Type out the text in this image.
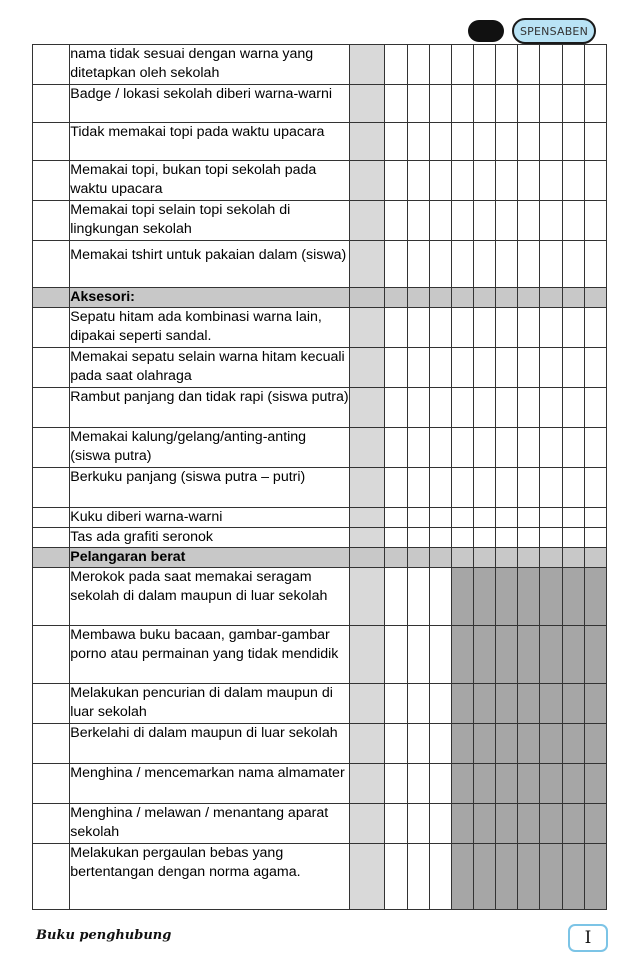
SPENSABEN
	nama tidak sesuai dengan warna yang ditetapkan oleh sekolah											
	Badge / lokasi sekolah diberi warna-warni											
	Tidak memakai topi pada waktu upacara											
	Memakai topi, bukan topi sekolah pada waktu upacara											
	Memakai topi selain topi sekolah di lingkungan sekolah											
	Memakai tshirt untuk pakaian dalam (siswa)											
	Aksesori:											
	Sepatu hitam ada kombinasi warna lain, dipakai seperti sandal.											
	Memakai sepatu selain warna hitam kecuali pada saat olahraga											
	Rambut panjang dan tidak rapi (siswa putra)											
	Memakai kalung/gelang/anting-anting (siswa putra)											
	Berkuku panjang (siswa putra – putri)											
	Kuku diberi warna-warni											
	Tas ada grafiti seronok											
	Pelangaran berat											
	Merokok pada saat memakai seragam sekolah di dalam maupun di luar sekolah											
	Membawa buku bacaan, gambar-gambar porno atau permainan yang tidak mendidik											
	Melakukan pencurian di dalam maupun di luar sekolah											
	Berkelahi di dalam maupun di luar sekolah											
	Menghina / mencemarkan nama almamater											
	Menghina / melawan / menantang aparat sekolah											
	Melakukan pergaulan bebas yang bertentangan dengan norma agama.											
Buku penghubung	I
